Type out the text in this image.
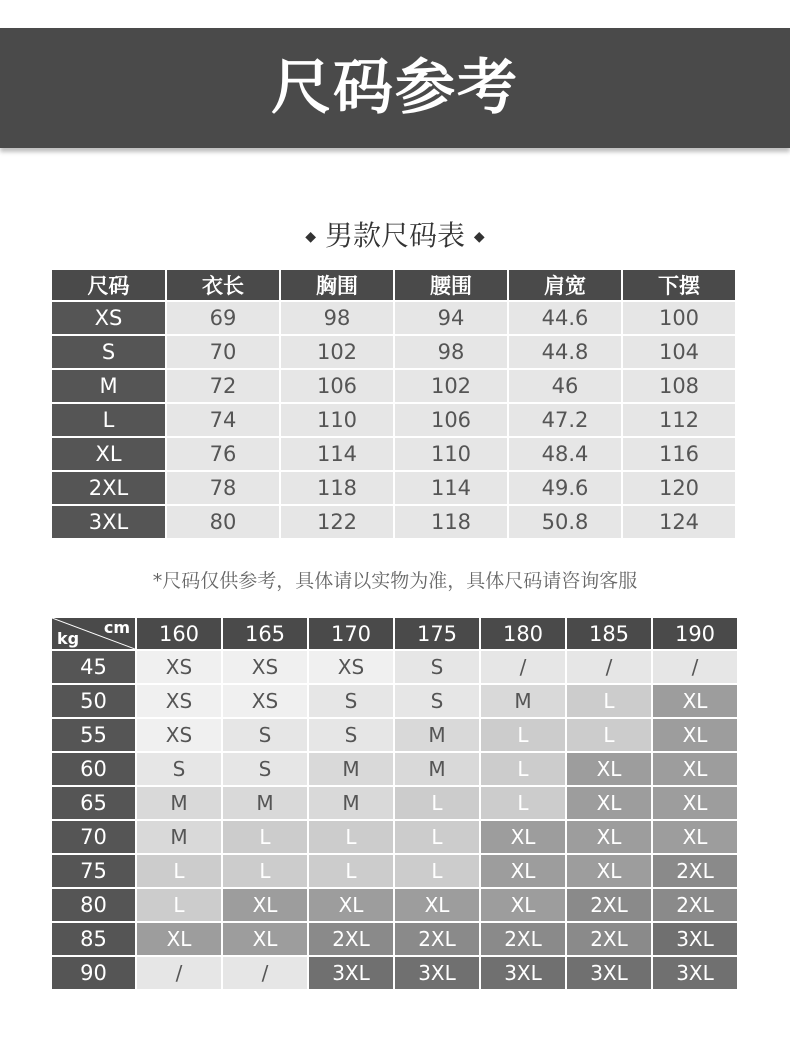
尺码参考
◆ 男款尺码表 ◆
尺码	衣长	胸围	腰围	肩宽	下摆
XS	69	98	94	44.6	100
S	70	102	98	44.8	104
M	72	106	102	46	108
L	74	110	106	47.2	112
XL	76	114	110	48.4	116
2XL	78	118	114	49.6	120
3XL	80	122	118	50.8	124
*尺码仅供参考，具体请以实物为准，具体尺码请咨询客服
cm
kg	160	165	170	175	180	185	190
45	XS	XS	XS	S	/	/	/
50	XS	XS	S	S	M	L	XL
55	XS	S	S	M	L	L	XL
60	S	S	M	M	L	XL	XL
65	M	M	M	L	L	XL	XL
70	M	L	L	L	XL	XL	XL
75	L	L	L	L	XL	XL	2XL
80	L	XL	XL	XL	XL	2XL	2XL
85	XL	XL	2XL	2XL	2XL	2XL	3XL
90	/	/	3XL	3XL	3XL	3XL	3XL
